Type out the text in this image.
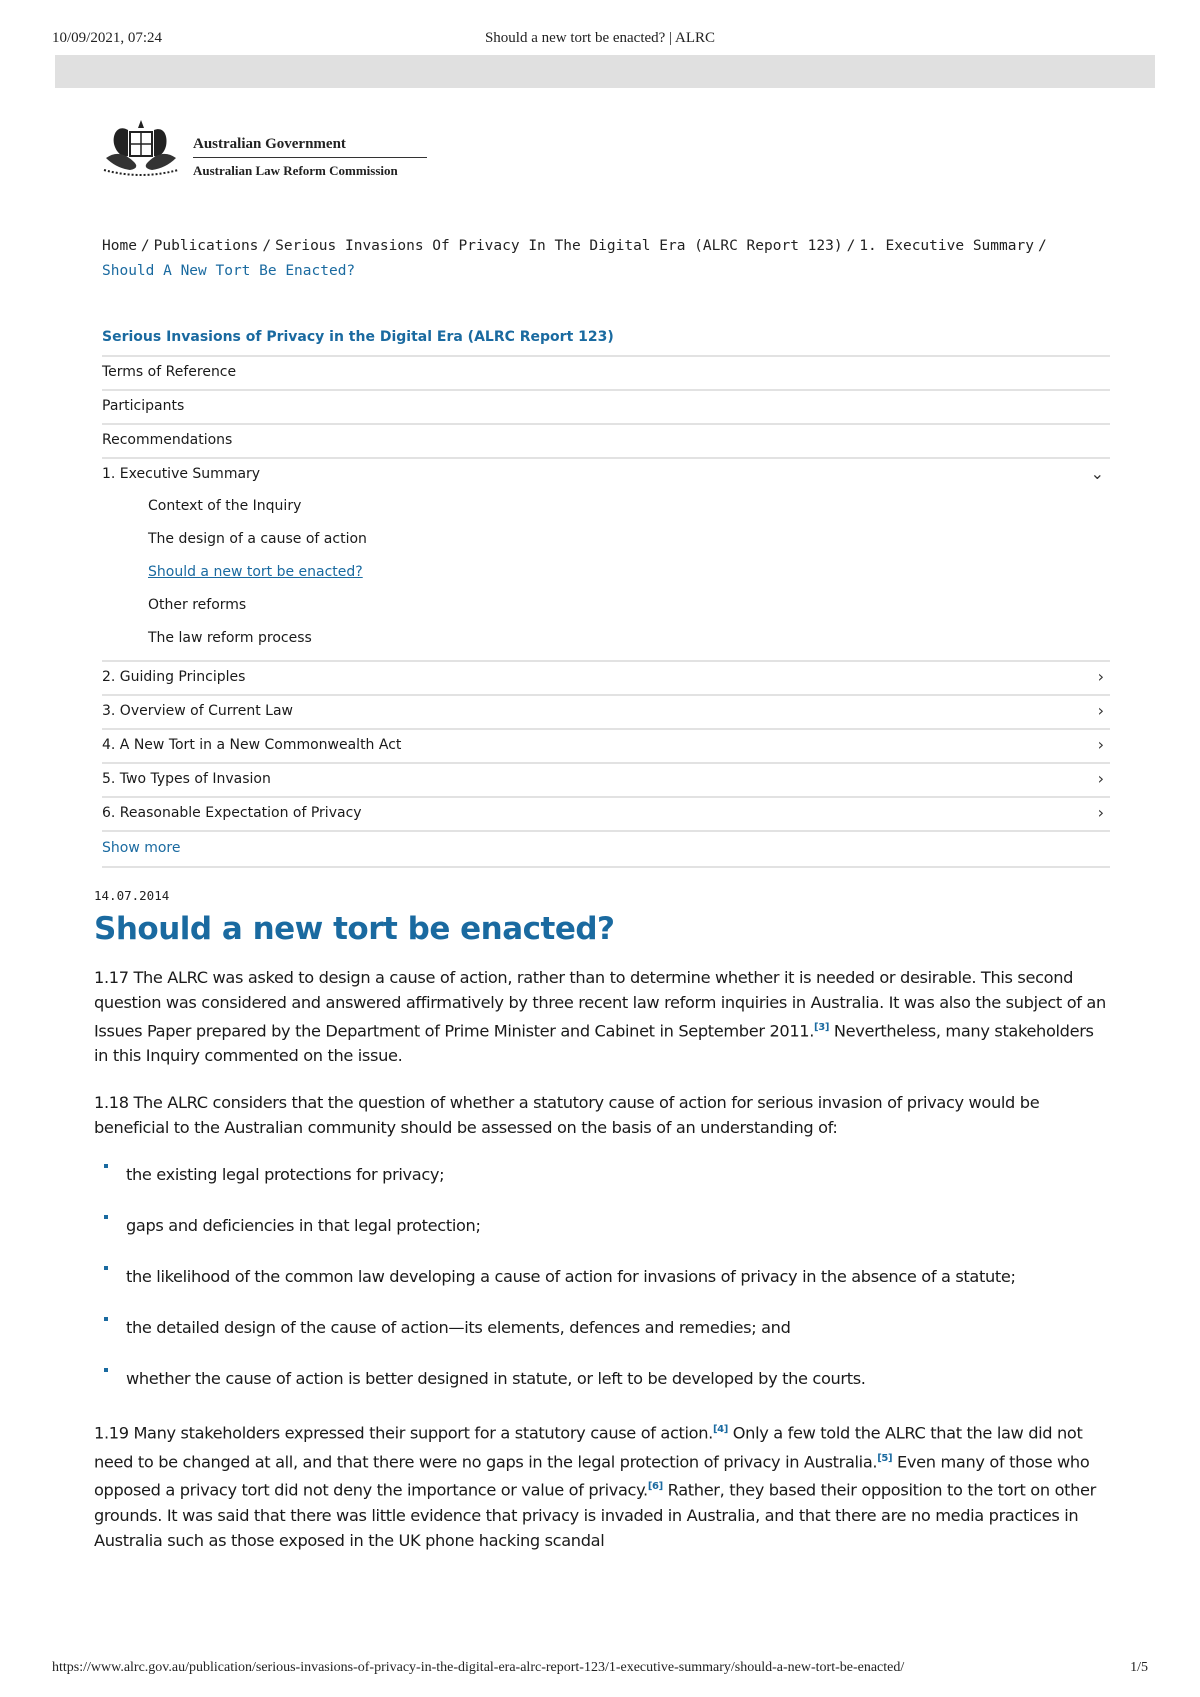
10/09/2021, 07:24	Should a new tort be enacted? | ALRC
Australian Government
Australian Law Reform Commission
Home / Publications / Serious Invasions Of Privacy In The Digital Era (ALRC Report 123) / 1. Executive Summary /
Should A New Tort Be Enacted?
Serious Invasions of Privacy in the Digital Era (ALRC Report 123)
Terms of Reference
Participants
Recommendations
1. Executive Summary	⌄
Context of the Inquiry
The design of a cause of action
Should a new tort be enacted?
Other reforms
The law reform process
2. Guiding Principles	›
3. Overview of Current Law	›
4. A New Tort in a New Commonwealth Act	›
5. Two Types of Invasion	›
6. Reasonable Expectation of Privacy	›
Show more
14.07.2014
Should a new tort be enacted?

1.17 The ALRC was asked to design a cause of action, rather than to determine whether it is needed or desirable. This second question was considered and answered affirmatively by three recent law reform inquiries in Australia. It was also the subject of an Issues Paper prepared by the Department of Prime Minister and Cabinet in September 2011.[3] Nevertheless, many stakeholders in this Inquiry commented on the issue.

1.18 The ALRC considers that the question of whether a statutory cause of action for serious invasion of privacy would be beneficial to the Australian community should be assessed on the basis of an understanding of:

the existing legal protections for privacy;
gaps and deficiencies in that legal protection;
the likelihood of the common law developing a cause of action for invasions of privacy in the absence of a statute;
the detailed design of the cause of action—its elements, defences and remedies; and
whether the cause of action is better designed in statute, or left to be developed by the courts.

1.19 Many stakeholders expressed their support for a statutory cause of action.[4] Only a few told the ALRC that the law did not need to be changed at all, and that there were no gaps in the legal protection of privacy in Australia.[5] Even many of those who opposed a privacy tort did not deny the importance or value of privacy.[6] Rather, they based their opposition to the tort on other grounds. It was said that there was little evidence that privacy is invaded in Australia, and that there are no media practices in Australia such as those exposed in the UK phone hacking scandal

https://www.alrc.gov.au/publication/serious-invasions-of-privacy-in-the-digital-era-alrc-report-123/1-executive-summary/should-a-new-tort-be-enacted/	1/5
